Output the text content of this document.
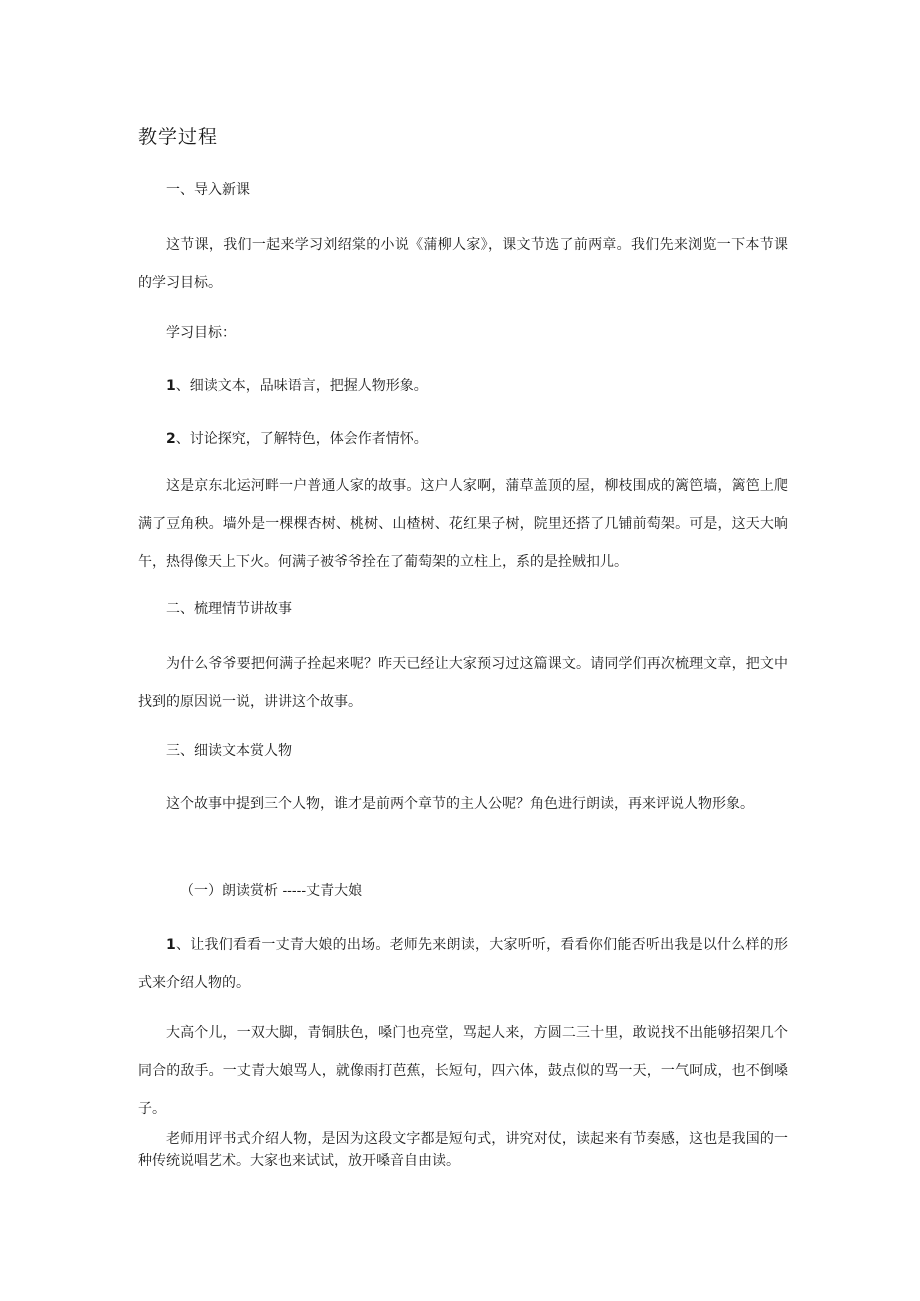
教学过程

一、导入新课

这节课，我们一起来学习刘绍棠的小说《蒲柳人家》，课文节选了前两章。我们先来浏览一下本节课的学习目标。

学习目标：

1、细读文本，品味语言，把握人物形象。

2、讨论探究，了解特色，体会作者情怀。

这是京东北运河畔一户普通人家的故事。这户人家啊，蒲草盖顶的屋，柳枝围成的篱笆墙，篱笆上爬满了豆角秧。墙外是一棵棵杏树、桃树、山楂树、花红果子树，院里还搭了几铺前萄架。可是，这天大晌午，热得像天上下火。何满子被爷爷拴在了葡萄架的立柱上，系的是拴贼扣儿。

二、梳理情节讲故事

为什么爷爷要把何满子拴起来呢？昨天已经让大家预习过这篇课文。请同学们再次梳理文章，把文中找到的原因说一说，讲讲这个故事。

三、细读文本赏人物

这个故事中提到三个人物，谁才是前两个章节的主人公呢？角色进行朗读，再来评说人物形象。

（一）朗读赏析 -----丈青大娘

1、让我们看看一丈青大娘的出场。老师先来朗读，大家听听，看看你们能否听出我是以什么样的形式来介绍人物的。

大高个儿，一双大脚，青铜肤色，嗓门也亮堂，骂起人来，方圆二三十里，敢说找不出能够招架几个同合的敌手。一丈青大娘骂人，就像雨打芭蕉，长短句，四六体，鼓点似的骂一天，一气呵成，也不倒嗓子。

老师用评书式介绍人物，是因为这段文字都是短句式，讲究对仗，读起来有节奏感，这也是我国的一种传统说唱艺术。大家也来试试，放开嗓音自由读。
